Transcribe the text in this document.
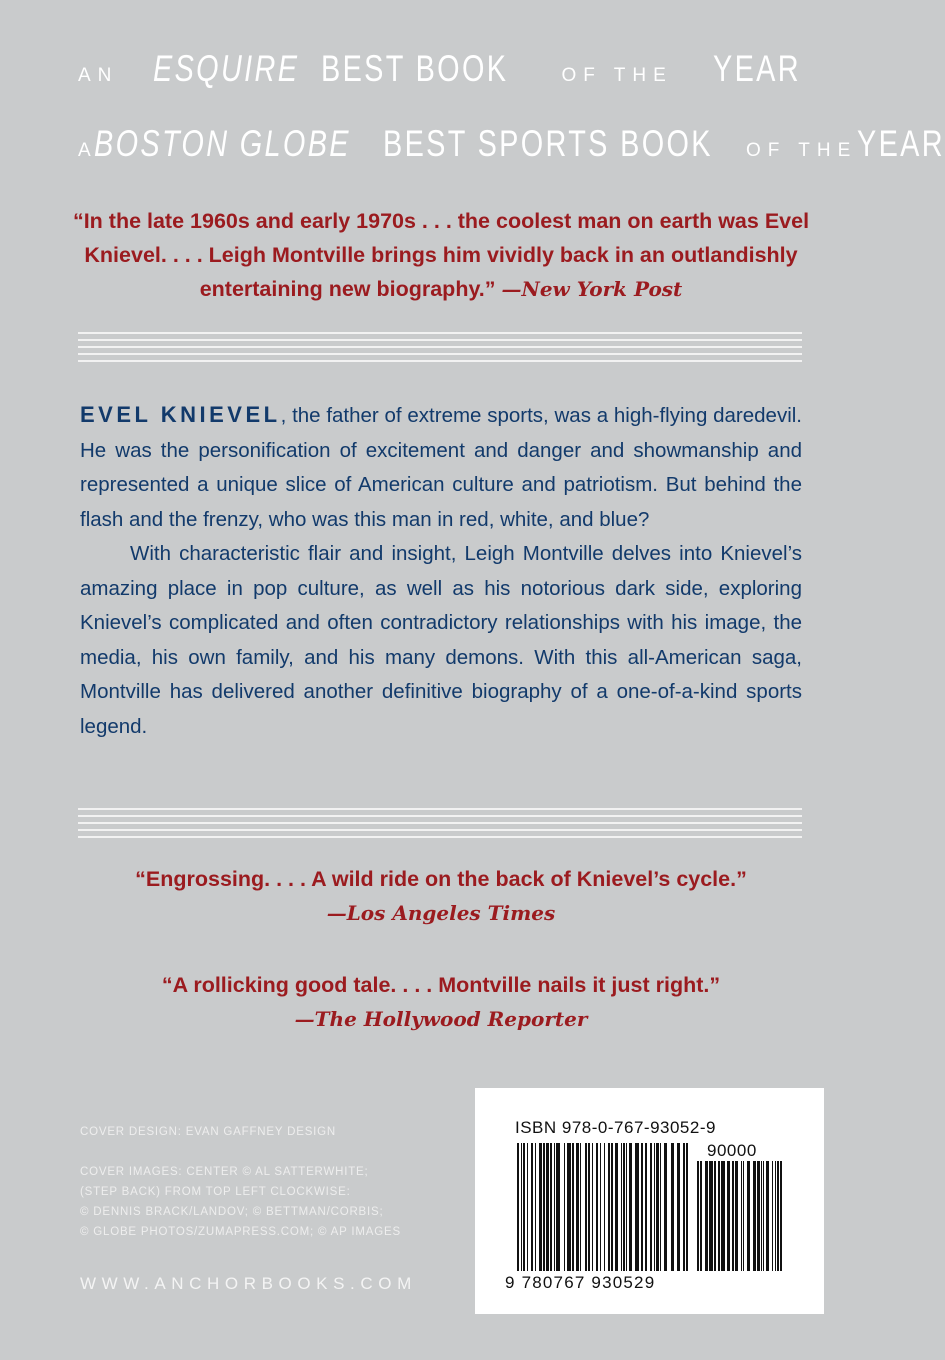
AN ESQUIRE BEST BOOK	OF THE YEAR
A
BOSTON GLOBE BEST SPORTS BOOK OF THE YEAR
“In the late 1960s and early 1970s . . . the coolest man on earth was Evel Knievel. . . . Leigh Montville brings him vividly back in an outlandishly entertaining new biography.” —New York Post

EVEL KNIEVEL, the father of extreme sports, was a high-flying daredevil. He was the personification of excitement and danger and showmanship and represented a unique slice of American culture and patriotism. But behind the flash and the frenzy, who was this man in red, white, and blue?

With characteristic flair and insight, Leigh Montville delves into Knievel’s amazing place in pop culture, as well as his notorious dark side, exploring Knievel’s complicated and often contradictory relationships with his image, the media, his own family, and his many demons. With this all-American saga, Montville has delivered another definitive biography of a one-of-a-kind sports legend.

“Engrossing. . . . A wild ride on the back of Knievel’s cycle.”
—Los Angeles Times
“A rollicking good tale. . . . Montville nails it just right.”
—The Hollywood Reporter
COVER DESIGN: EVAN GAFFNEY DESIGN
COVER IMAGES: CENTER © AL SATTERWHITE;
(STEP BACK) FROM TOP LEFT CLOCKWISE:
© DENNIS BRACK/LANDOV; © BETTMAN/CORBIS;
© GLOBE PHOTOS/ZUMAPRESS.COM; © AP IMAGES
WWW.ANCHORBOOKS.COM
ISBN 978-0-767-93052-9
90000
9 780767 930529
